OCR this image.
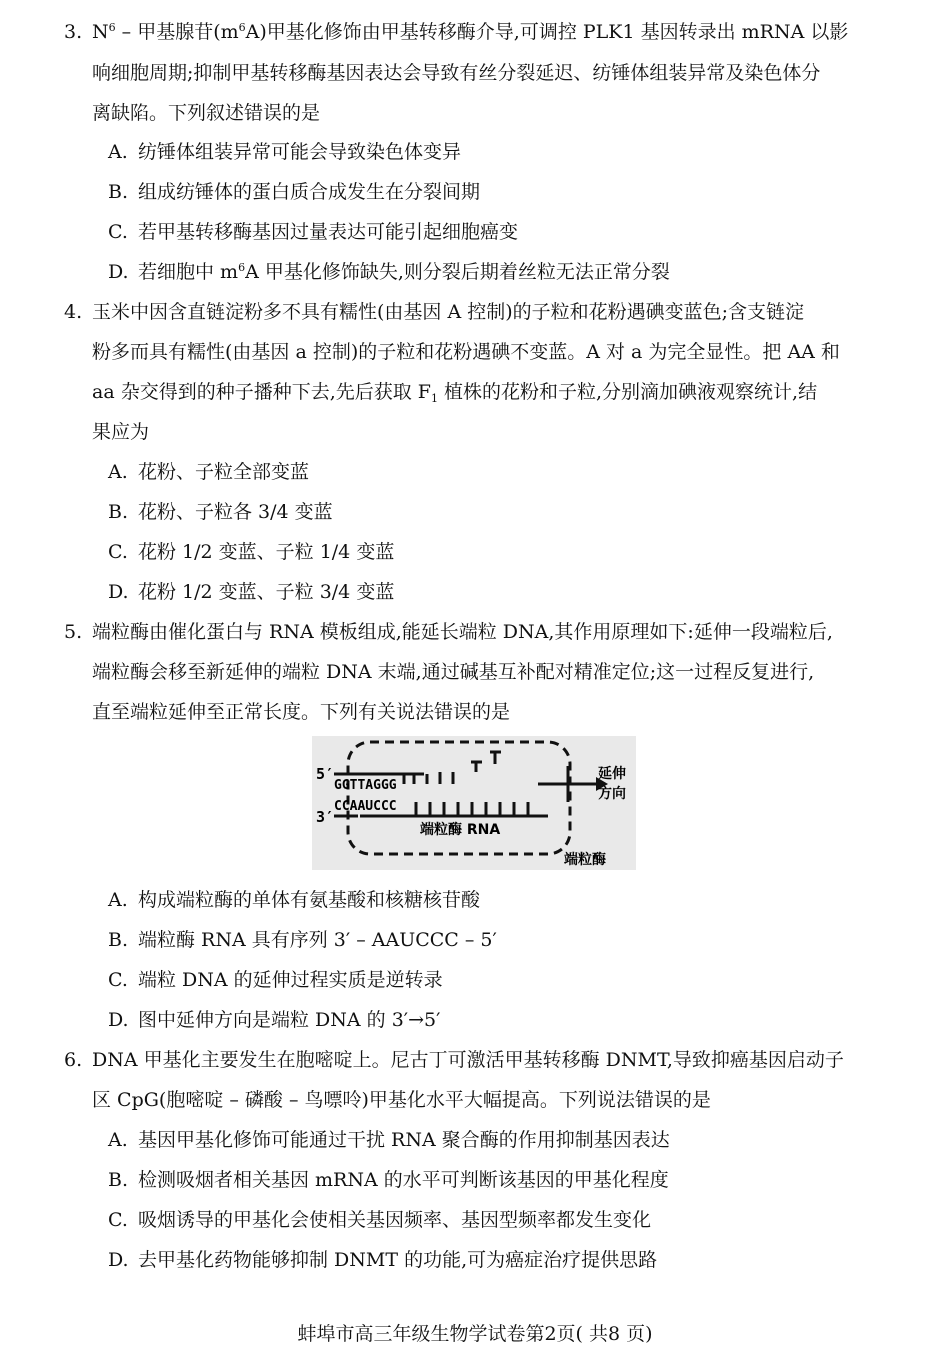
3. $N^6$ – 甲基腺苷$(m^6A)$甲基化修饰由甲基转移酶介导,可调控 PLK1 基因转录出 mRNA 以影
响细胞周期;抑制甲基转移酶基因表达会导致有丝分裂延迟、纺锤体组装异常及染色体分
离缺陷。下列叙述错误的是
A. 纺锤体组装异常可能会导致染色体变异
B. 组成纺锤体的蛋白质合成发生在分裂间期
C. 若甲基转移酶基因过量表达可能引起细胞癌变
D. 若细胞中 $m^6A$ 甲基化修饰缺失,则分裂后期着丝粒无法正常分裂
4. 玉米中因含直链淀粉多不具有糯性(由基因 A 控制)的子粒和花粉遇碘变蓝色;含支链淀
粉多而具有糯性(由基因 a 控制)的子粒和花粉遇碘不变蓝。A 对 a 为完全显性。把 AA 和
aa 杂交得到的种子播种下去,先后获取 $F_1$ 植株的花粉和子粒,分别滴加碘液观察统计,结
果应为
A. 花粉、子粒全部变蓝
B. 花粉、子粒各 3/4 变蓝
C. 花粉 1/2 变蓝、子粒 1/4 变蓝
D. 花粉 1/2 变蓝、子粒 3/4 变蓝
5. 端粒酶由催化蛋白与 RNA 模板组成,能延长端粒 DNA,其作用原理如下:延伸一段端粒后,
端粒酶会移至新延伸的端粒 DNA 末端,通过碱基互补配对精准定位;这一过程反复进行,
直至端粒延伸至正常长度。下列有关说法错误的是
5′
GGTTAGGG
3′
CCAAUCCC
端粒酶 RNA
延伸
方向
端粒酶
A. 构成端粒酶的单体有氨基酸和核糖核苷酸
B. 端粒酶 RNA 具有序列 3′ – AAUCCC – 5′
C. 端粒 DNA 的延伸过程实质是逆转录
D. 图中延伸方向是端粒 DNA 的 3′→5′
6. DNA 甲基化主要发生在胞嘧啶上。尼古丁可激活甲基转移酶 DNMT,导致抑癌基因启动子
区 CpG(胞嘧啶 – 磷酸 – 鸟嘌呤)甲基化水平大幅提高。下列说法错误的是
A. 基因甲基化修饰可能通过干扰 RNA 聚合酶的作用抑制基因表达
B. 检测吸烟者相关基因 mRNA 的水平可判断该基因的甲基化程度
C. 吸烟诱导的甲基化会使相关基因频率、基因型频率都发生变化
D. 去甲基化药物能够抑制 DNMT 的功能,可为癌症治疗提供思路
蚌埠市高三年级生物学试卷第2页( 共8 页)
